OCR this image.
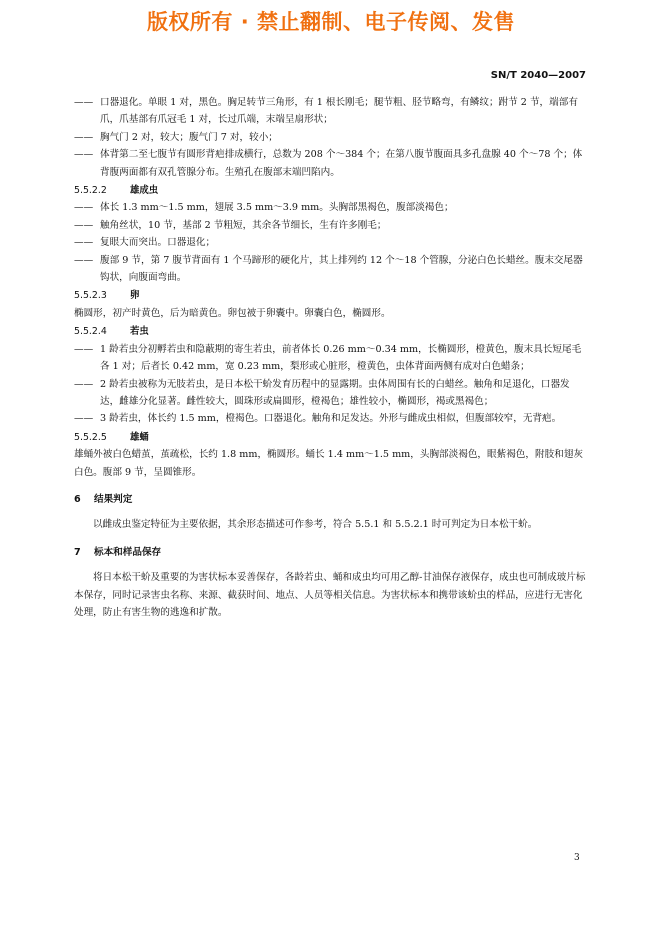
版权所有 · 禁止翻制、电子传阅、发售
SN/T 2040—2007
—— 口器退化。单眼 1 对，黑色。胸足转节三角形，有 1 根长刚毛；腿节粗、胫节略弯，有鳞纹；跗节 2 节，端部有爪，爪基部有爪冠毛 1 对，长过爪端，末端呈扇形状；
—— 胸气门 2 对，较大；腹气门 7 对，较小；
—— 体背第二至七腹节有圆形背疤排成横行，总数为 208 个～384 个；在第八腹节腹面具多孔盘腺 40 个～78 个；体背腹两面都有双孔管腺分布。生殖孔在腹部末端凹陷内。
5.5.2.2 雄成虫
—— 体长 1.3 mm～1.5 mm，翅展 3.5 mm～3.9 mm。头胸部黑褐色，腹部淡褐色；
—— 触角丝状，10 节，基部 2 节粗短，其余各节细长，生有许多刚毛；
—— 复眼大而突出。口器退化；
—— 腹部 9 节，第 7 腹节背面有 1 个马蹄形的硬化片，其上排列约 12 个～18 个管腺，分泌白色长蜡丝。腹末交尾器钩状，向腹面弯曲。
5.5.2.3 卵
椭圆形，初产时黄色，后为暗黄色。卵包被于卵囊中。卵囊白色，椭圆形。
5.5.2.4 若虫
—— 1 龄若虫分初孵若虫和隐蔽期的寄生若虫，前者体长 0.26 mm～0.34 mm，长椭圆形，橙黄色，腹末具长短尾毛各 1 对；后者长 0.42 mm，宽 0.23 mm，梨形或心脏形，橙黄色，虫体背面两侧有成对白色蜡条；
—— 2 龄若虫被称为无肢若虫，是日本松干蚧发育历程中的显露期。虫体周围有长的白蜡丝。触角和足退化，口器发达，雌雄分化显著。雌性较大，圆珠形或扁圆形，橙褐色；雄性较小，椭圆形，褐或黑褐色；
—— 3 龄若虫，体长约 1.5 mm，橙褐色。口器退化。触角和足发达。外形与雌成虫相似，但腹部较窄，无背疤。
5.5.2.5 雄蛹
雄蛹外被白色蜡茧，茧疏松，长约 1.8 mm，椭圆形。蛹长 1.4 mm～1.5 mm，头胸部淡褐色，眼紫褐色，附肢和翅灰白色。腹部 9 节，呈圆锥形。
6 结果判定
以雌成虫鉴定特征为主要依据，其余形态描述可作参考，符合 5.5.1 和 5.5.2.1 时可判定为日本松干蚧。
7 标本和样品保存
将日本松干蚧及重要的为害状标本妥善保存，各龄若虫、蛹和成虫均可用乙醇-甘油保存液保存，成虫也可制成玻片标本保存，同时记录害虫名称、来源、截获时间、地点、人员等相关信息。为害状标本和携带该蚧虫的样品，应进行无害化处理，防止有害生物的逃逸和扩散。
3
